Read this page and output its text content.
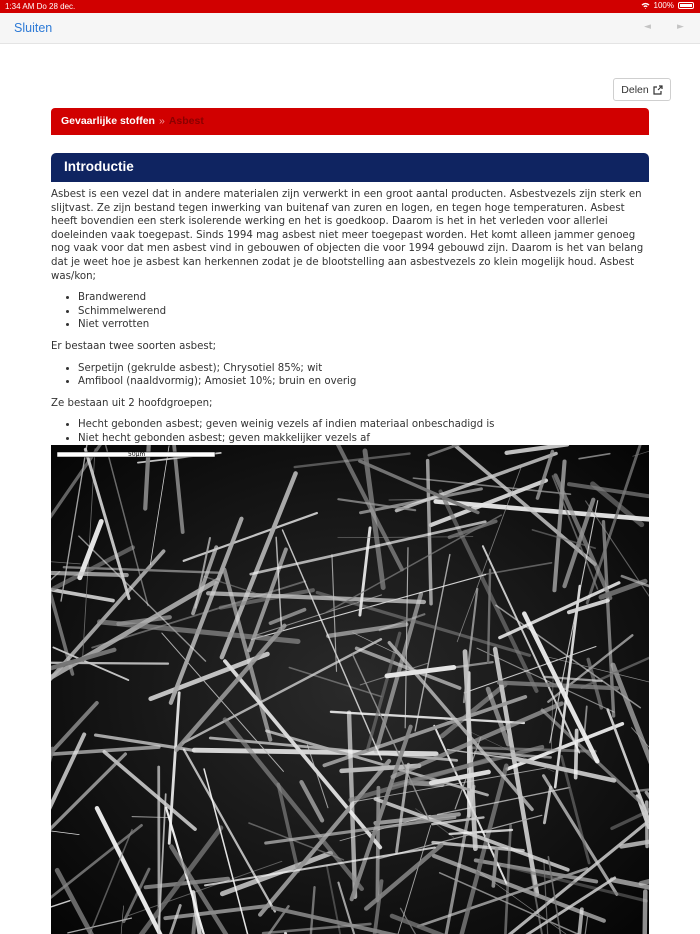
1:34 AM Do 28 dec.	100%
Sluiten	◄	►
Delen
Gevaarlijke stoffen » Asbest
Introductie

Asbest is een vezel dat in andere materialen zijn verwerkt in een groot aantal producten. Asbestvezels zijn sterk en slijtvast. Ze zijn bestand tegen inwerking van buitenaf van zuren en logen, en tegen hoge temperaturen. Asbest heeft bovendien een sterk isolerende werking en het is goedkoop. Daarom is het in het verleden voor allerlei doeleinden vaak toegepast. Sinds 1994 mag asbest niet meer toegepast worden. Het komt alleen jammer genoeg nog vaak voor dat men asbest vind in gebouwen of objecten die voor 1994 gebouwd zijn. Daarom is het van belang dat je weet hoe je asbest kan herkennen zodat je de blootstelling aan asbestvezels zo klein mogelijk houd. Asbest was/kon;

• Brandwerend
• Schimmelwerend
• Niet verrotten

Er bestaan twee soorten asbest;

• Serpetijn (gekrulde asbest); Chrysotiel 85%; wit
• Amfibool (naaldvormig); Amosiet 10%; bruin en overig

Ze bestaan uit 2 hoofdgroepen;

• Hecht gebonden asbest; geven weinig vezels af indien materiaal onbeschadigd is
• Niet hecht gebonden asbest; geven makkelijker vezels af
50µm
